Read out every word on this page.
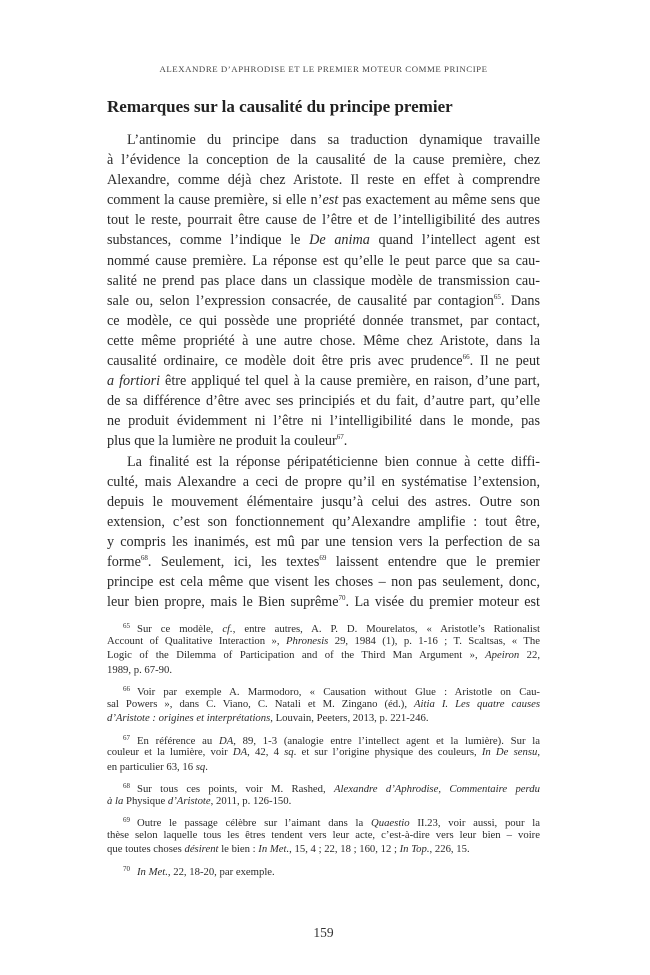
ALEXANDRE D’APHRODISE ET LE PREMIER MOTEUR COMME PRINCIPE
Remarques sur la causalité du principe premier
L’antinomie du principe dans sa traduction dynamique travaille
à l’évidence la conception de la causalité de la cause première, chez
Alexandre, comme déjà chez Aristote. Il reste en effet à comprendre
comment la cause première, si elle n’est pas exactement au même sens que
tout le reste, pourrait être cause de l’être et de l’intelligibilité des autres
substances, comme l’indique le De anima quand l’intellect agent est
nommé cause première. La réponse est qu’elle le peut parce que sa cau-
salité ne prend pas place dans un classique modèle de transmission cau-
sale ou, selon l’expression consacrée, de causalité par contagion$^{65}$. Dans
ce modèle, ce qui possède une propriété donnée transmet, par contact,
cette même propriété à une autre chose. Même chez Aristote, dans la
causalité ordinaire, ce modèle doit être pris avec prudence$^{66}$. Il ne peut
a fortiori être appliqué tel quel à la cause première, en raison, d’une part,
de sa différence d’être avec ses principiés et du fait, d’autre part, qu’elle
ne produit évidemment ni l’être ni l’intelligibilité dans le monde, pas
plus que la lumière ne produit la couleur$^{67}$.
La finalité est la réponse péripatéticienne bien connue à cette diffi-
culté, mais Alexandre a ceci de propre qu’il en systématise l’extension,
depuis le mouvement élémentaire jusqu’à celui des astres. Outre son
extension, c’est son fonctionnement qu’Alexandre amplifie : tout être,
y compris les inanimés, est mû par une tension vers la perfection de sa
forme$^{68}$. Seulement, ici, les textes$^{69}$ laissent entendre que le premier
principe est cela même que visent les choses – non pas seulement, donc,
leur bien propre, mais le Bien suprême$^{70}$. La visée du premier moteur est
$^{65}$ Sur ce modèle, cf., entre autres, A. P. D. Mourelatos, « Aristotle’s Rationalist
Account of Qualitative Interaction », Phronesis 29, 1984 (1), p. 1-16 ; T. Scaltsas, « The
Logic of the Dilemma of Participation and of the Third Man Argument », Apeiron 22,
1989, p. 67-90.
$^{66}$ Voir par exemple A. Marmodoro, « Causation without Glue : Aristotle on Cau-
sal Powers », dans C. Viano, C. Natali et M. Zingano (éd.), Aitia I. Les quatre causes
d’Aristote : origines et interprétations, Louvain, Peeters, 2013, p. 221-246.
$^{67}$ En référence au DA, 89, 1-3 (analogie entre l’intellect agent et la lumière). Sur la
couleur et la lumière, voir DA, 42, 4 sq. et sur l’origine physique des couleurs, In De sensu,
en particulier 63, 16 sq.
$^{68}$ Sur tous ces points, voir M. Rashed, Alexandre d’Aphrodise, Commentaire perdu
à la Physique d’Aristote, 2011, p. 126-150.
$^{69}$ Outre le passage célèbre sur l’aimant dans la Quaestio II.23, voir aussi, pour la
thèse selon laquelle tous les êtres tendent vers leur acte, c’est-à-dire vers leur bien – voire
que toutes choses désirent le bien : In Met., 15, 4 ; 22, 18 ; 160, 12 ; In Top., 226, 15.
$^{70}$ In Met., 22, 18-20, par exemple.
159
